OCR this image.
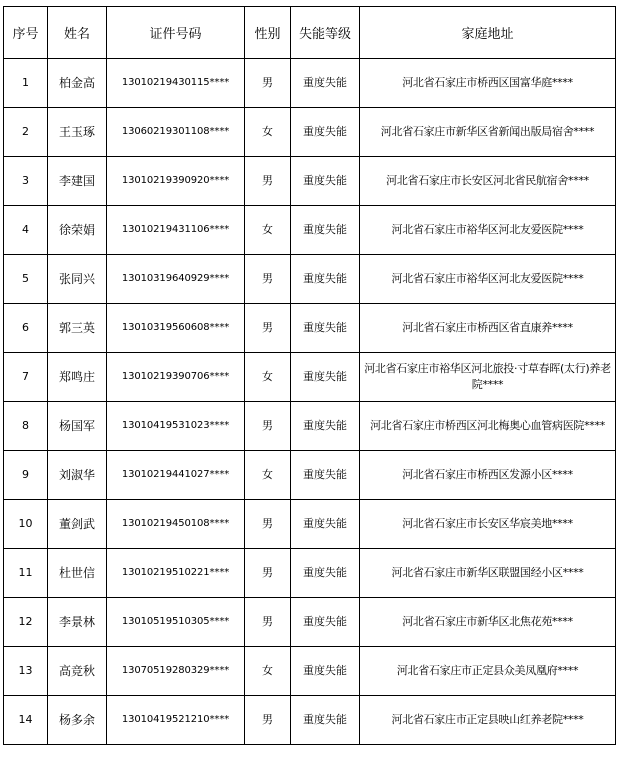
序号	姓名	证件号码	性别	失能等级	家庭地址
1	柏金高	13010219430115****	男	重度失能	河北省石家庄市桥西区国富华庭****
2	王玉琢	13060219301108****	女	重度失能	河北省石家庄市新华区省新闻出版局宿舍****
3	李建国	13010219390920****	男	重度失能	河北省石家庄市长安区河北省民航宿舍****
4	徐荣娟	13010219431106****	女	重度失能	河北省石家庄市裕华区河北友爱医院****
5	张同兴	13010319640929****	男	重度失能	河北省石家庄市裕华区河北友爱医院****
6	郭三英	13010319560608****	男	重度失能	河北省石家庄市桥西区省直康养****
7	郑鸣庄	13010219390706****	女	重度失能	河北省石家庄市裕华区河北旅投·寸草春晖(太行)养老院****
8	杨国军	13010419531023****	男	重度失能	河北省石家庄市桥西区河北梅奥心血管病医院****
9	刘淑华	13010219441027****	女	重度失能	河北省石家庄市桥西区发源小区****
10	董剑武	13010219450108****	男	重度失能	河北省石家庄市长安区华宸美地****
11	杜世信	13010219510221****	男	重度失能	河北省石家庄市新华区联盟国经小区****
12	李景林	13010519510305****	男	重度失能	河北省石家庄市新华区北焦花苑****
13	高竞秋	13070519280329****	女	重度失能	河北省石家庄市正定县众美凤凰府****
14	杨多余	13010419521210****	男	重度失能	河北省石家庄市正定县映山红养老院****
